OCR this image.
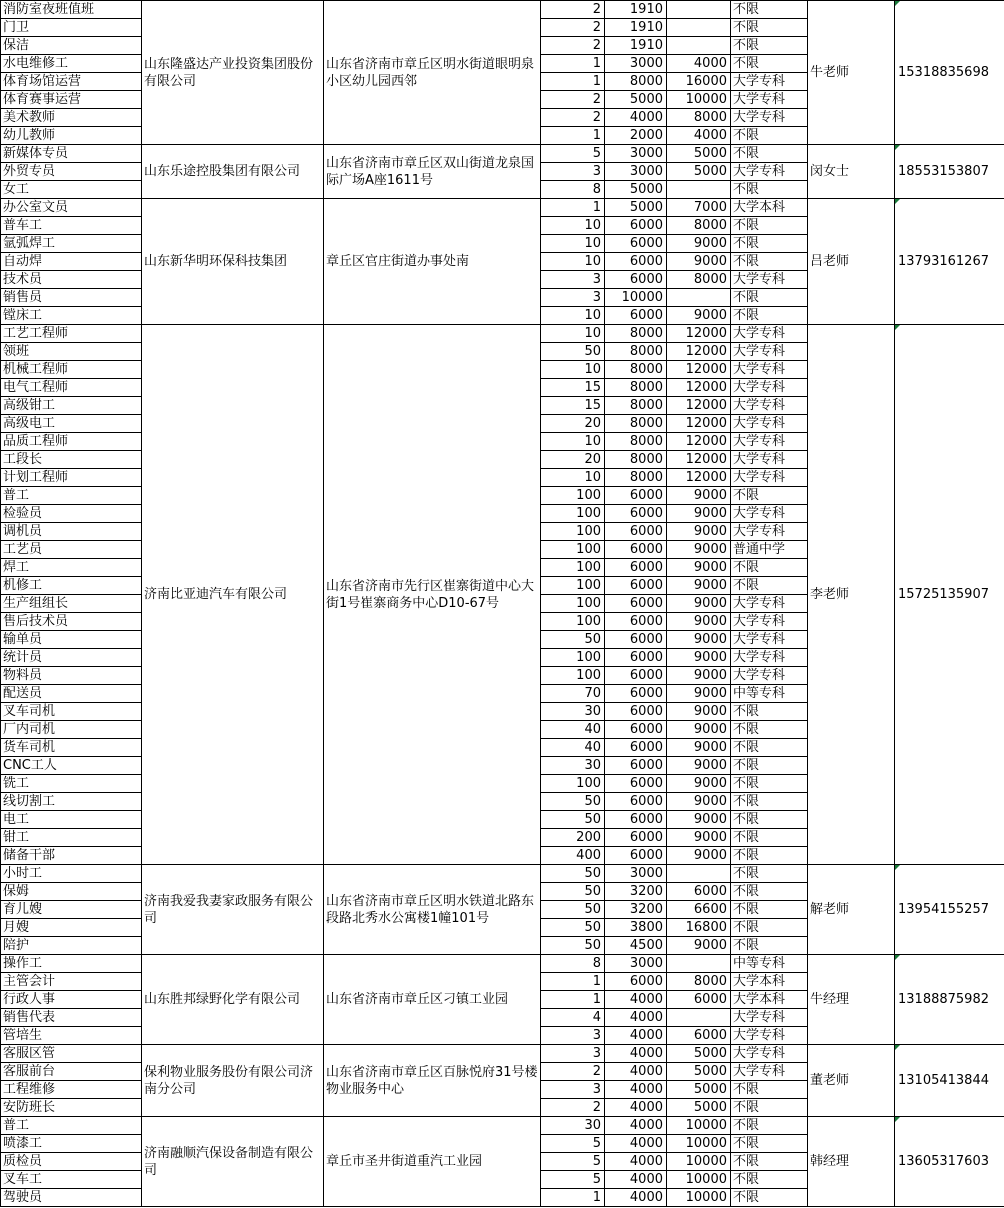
消防室夜班值班	山东隆盛达产业投资集团股份有限公司	山东省济南市章丘区明水街道眼明泉小区幼儿园西邻	2	1910		不限	牛老师	15318835698
门卫			2	1910		不限		
保洁			2	1910		不限		
水电维修工			1	3000	4000	不限		
体育场馆运营			1	8000	16000	大学专科		
体育赛事运营			2	5000	10000	大学专科		
美术教师			2	4000	8000	大学专科		
幼儿教师			1	2000	4000	不限		
新媒体专员	山东乐途控股集团有限公司	山东省济南市章丘区双山街道龙泉国际广场A座1611号	5	3000	5000	不限	闵女士	18553153807
外贸专员			3	3000	5000	大学专科		
女工			8	5000		不限		
办公室文员	山东新华明环保科技集团	章丘区官庄街道办事处南	1	5000	7000	大学本科	吕老师	13793161267
普车工			10	6000	8000	不限		
氩弧焊工			10	6000	9000	不限		
自动焊			10	6000	9000	不限		
技术员			3	6000	8000	大学专科		
销售员			3	10000		不限		
镗床工			10	6000	9000	不限		
工艺工程师	济南比亚迪汽车有限公司	山东省济南市先行区崔寨街道中心大街1号崔寨商务中心D10-67号	10	8000	12000	大学专科	李老师	15725135907
领班			50	8000	12000	大学专科		
机械工程师			10	8000	12000	大学专科		
电气工程师			15	8000	12000	大学专科		
高级钳工			15	8000	12000	大学专科		
高级电工			20	8000	12000	大学专科		
品质工程师			10	8000	12000	大学专科		
工段长			20	8000	12000	大学专科		
计划工程师			10	8000	12000	大学专科		
普工			100	6000	9000	不限		
检验员			100	6000	9000	大学专科		
调机员			100	6000	9000	大学专科		
工艺员			100	6000	9000	普通中学		
焊工			100	6000	9000	不限		
机修工			100	6000	9000	不限		
生产组组长			100	6000	9000	大学专科		
售后技术员			100	6000	9000	大学专科		
输单员			50	6000	9000	大学专科		
统计员			100	6000	9000	大学专科		
物料员			100	6000	9000	大学专科		
配送员			70	6000	9000	中等专科		
叉车司机			30	6000	9000	不限		
厂内司机			40	6000	9000	不限		
货车司机			40	6000	9000	不限		
CNC工人			30	6000	9000	不限		
铣工			100	6000	9000	不限		
线切割工			50	6000	9000	不限		
电工			50	6000	9000	不限		
钳工			200	6000	9000	不限		
储备干部			400	6000	9000	不限		
小时工	济南我爱我妻家政服务有限公司	山东省济南市章丘区明水铁道北路东段路北秀水公寓楼1幢101号	50	3000		不限	解老师	13954155257
保姆			50	3200	6000	不限		
育儿嫂			50	3200	6600	不限		
月嫂			50	3800	16800	不限		
陪护			50	4500	9000	不限		
操作工	山东胜邦绿野化学有限公司	山东省济南市章丘区刁镇工业园	8	3000		中等专科	牛经理	13188875982
主管会计			1	6000	8000	大学本科		
行政人事			1	4000	6000	大学本科		
销售代表			4	4000		大学专科		
管培生			3	4000	6000	大学专科		
客服区管	保利物业服务股份有限公司济南分公司	山东省济南市章丘区百脉悦府31号楼物业服务中心	3	4000	5000	大学专科	董老师	13105413844
客服前台			2	4000	5000	大学专科		
工程维修			3	4000	5000	不限		
安防班长			2	4000	5000	不限		
普工	济南融顺汽保设备制造有限公司	章丘市圣井街道重汽工业园	30	4000	10000	不限	韩经理	13605317603
喷漆工			5	4000	10000	不限		
质检员			5	4000	10000	不限		
叉车工			5	4000	10000	不限		
驾驶员			1	4000	10000	不限		
